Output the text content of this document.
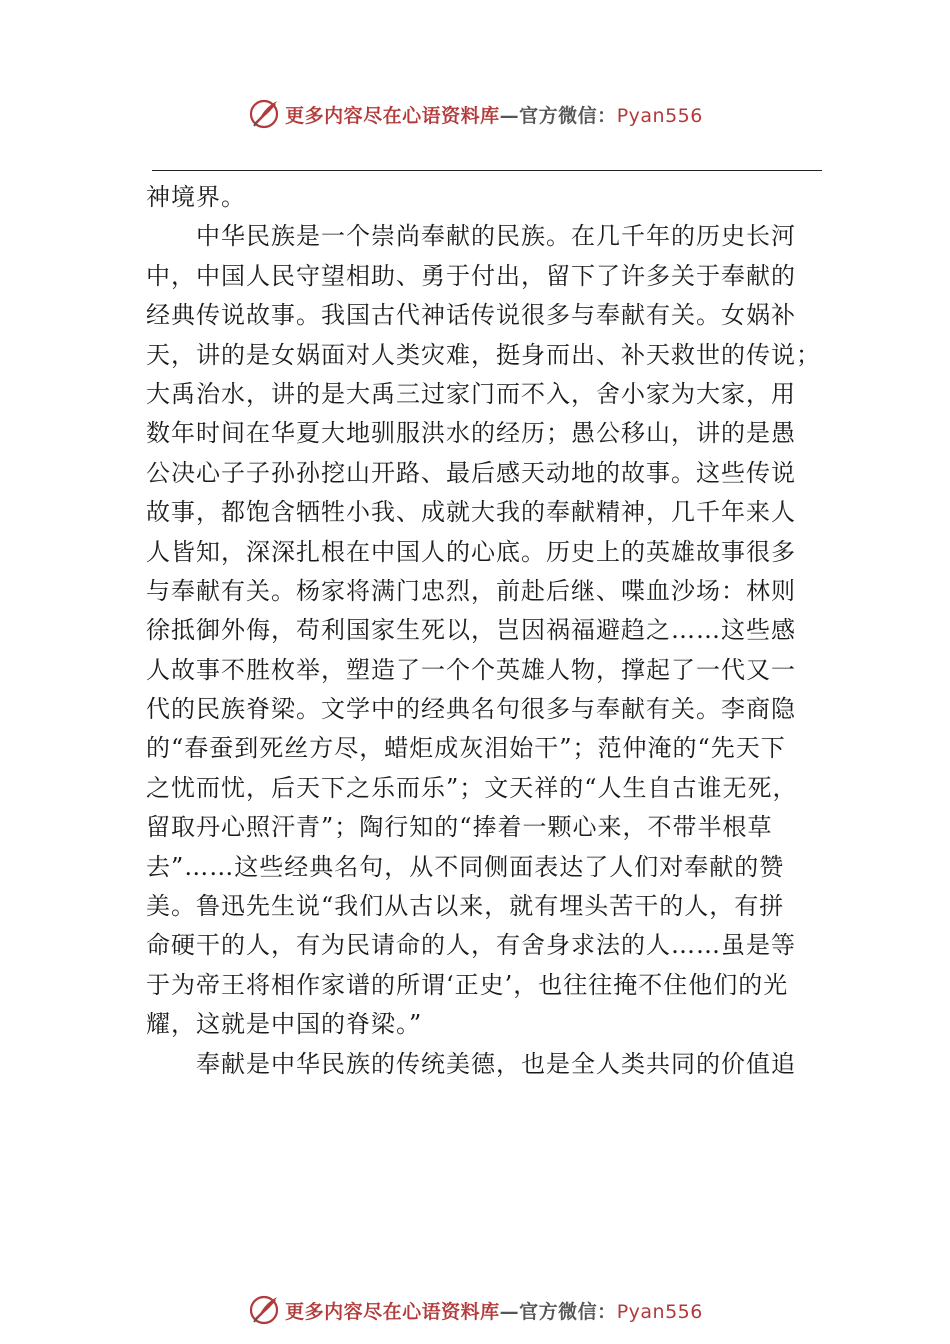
更多内容尽在心语资料库—官方微信：Pyan556
神境界。
中华民族是一个崇尚奉献的民族。在几千年的历史长河
中，中国人民守望相助、勇于付出，留下了许多关于奉献的
经典传说故事。我国古代神话传说很多与奉献有关。女娲补
天，讲的是女娲面对人类灾难，挺身而出、补天救世的传说；
大禹治水，讲的是大禹三过家门而不入，舍小家为大家，用
数年时间在华夏大地驯服洪水的经历；愚公移山，讲的是愚
公决心子子孙孙挖山开路、最后感天动地的故事。这些传说
故事，都饱含牺牲小我、成就大我的奉献精神，几千年来人
人皆知，深深扎根在中国人的心底。历史上的英雄故事很多
与奉献有关。杨家将满门忠烈，前赴后继、喋血沙场：林则
徐抵御外侮，苟利国家生死以，岂因祸福避趋之……这些感
人故事不胜枚举，塑造了一个个英雄人物，撑起了一代又一
代的民族脊梁。文学中的经典名句很多与奉献有关。李商隐
的“春蚕到死丝方尽，蜡炬成灰泪始干”；范仲淹的“先天下
之忧而忧，后天下之乐而乐”；文天祥的“人生自古谁无死，
留取丹心照汗青”；陶行知的“捧着一颗心来，不带半根草
去”……这些经典名句，从不同侧面表达了人们对奉献的赞
美。鲁迅先生说“我们从古以来，就有埋头苦干的人，有拼
命硬干的人，有为民请命的人，有舍身求法的人……虽是等
于为帝王将相作家谱的所谓‘正史’，也往往掩不住他们的光
耀，这就是中国的脊梁。”
奉献是中华民族的传统美德，也是全人类共同的价值追
更多内容尽在心语资料库—官方微信：Pyan556
